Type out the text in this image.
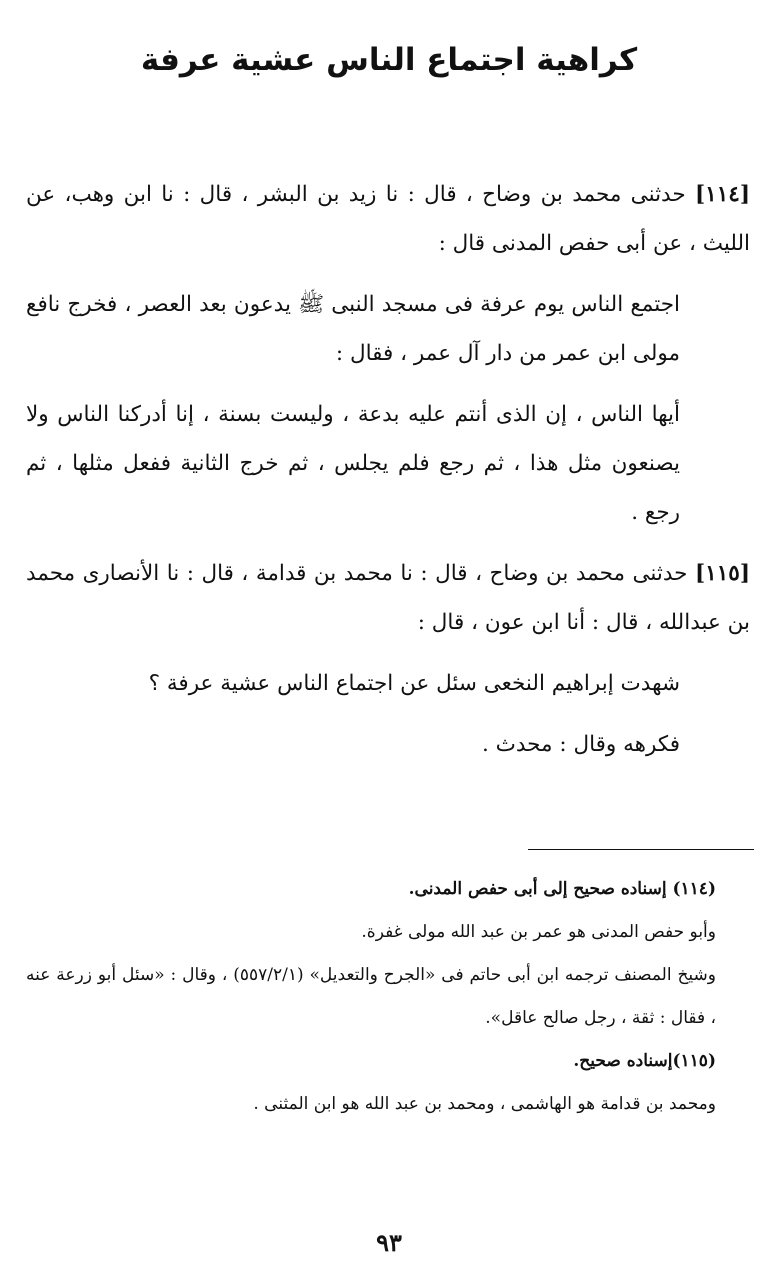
كراهية اجتماع الناس عشية عرفة

[١١٤] حدثنى محمد بن وضاح ، قال : نا زيد بن البشر ، قال : نا ابن وهب، عن الليث ، عن أبى حفص المدنى قال :

اجتمع الناس يوم عرفة فى مسجد النبى ﷺ يدعون بعد العصر ، فخرج نافع مولى ابن عمر من دار آل عمر ، فقال :

أيها الناس ، إن الذى أنتم عليه بدعة ، وليست بسنة ، إنا أدركنا الناس ولا يصنعون مثل هذا ، ثم رجع فلم يجلس ، ثم خرج الثانية ففعل مثلها ، ثم رجع .

[١١٥] حدثنى محمد بن وضاح ، قال : نا محمد بن قدامة ، قال : نا الأنصارى محمد بن عبدالله ، قال : أنا ابن عون ، قال :

شهدت إبراهيم النخعى سئل عن اجتماع الناس عشية عرفة ؟

فكرهه وقال : محدث .

(١١٤) إسناده صحيح إلى أبى حفص المدنى.

وأبو حفص المدنى هو عمر بن عبد الله مولى غفرة.

وشيخ المصنف ترجمه ابن أبى حاتم فى «الجرح والتعديل» (٥٥٧/٢/١) ، وقال : «سئل أبو زرعة عنه ، فقال : ثقة ، رجل صالح عاقل».

(١١٥)إسناده صحيح.

ومحمد بن قدامة هو الهاشمى ، ومحمد بن عبد الله هو ابن المثنى .

٩٣
